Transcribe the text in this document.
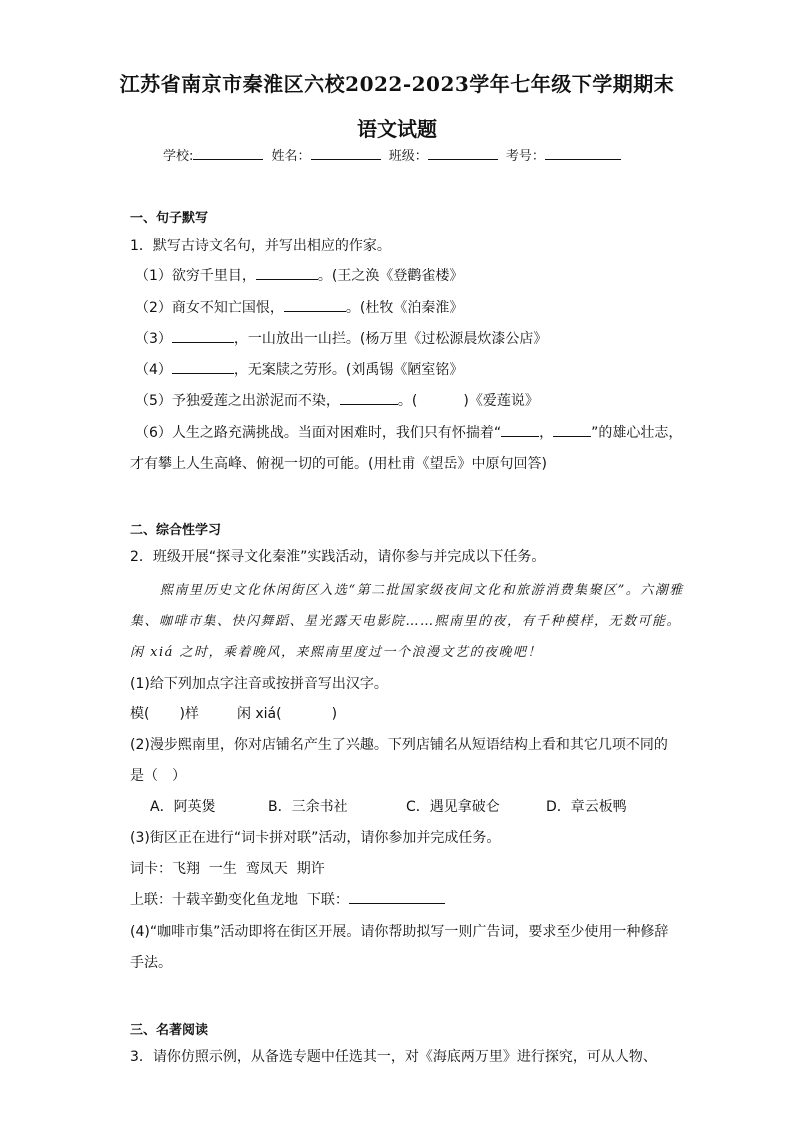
江苏省南京市秦淮区六校2022-2023学年七年级下学期期末
语文试题
学校:	姓名：	班级：	考号：
一、句子默写
1．默写古诗文名句，并写出相应的作家。
（1）欲穷千里目，	。(王之涣《登鹳雀楼》
（2）商女不知亡国恨，	。(杜牧《泊秦淮》
（3）	，一山放出一山拦。(杨万里《过松源晨炊漆公店》
（4）	，无案牍之劳形。(刘禹锡《陋室铭》
（5）予独爱莲之出淤泥而不染，	。(	)《爱莲说》
（6）人生之路充满挑战。当面对困难时，我们只有怀揣着“	，	”的雄心壮志，
才有攀上人生高峰、俯视一切的可能。(用杜甫《望岳》中原句回答)
二、综合性学习
2．班级开展“探寻文化秦淮”实践活动，请你参与并完成以下任务。
熙南里历史文化休闲街区入选“第二批国家级夜间文化和旅游消费集聚区”。六潮雅
集、咖啡市集、快闪舞蹈、星光露天电影院……熙南里的夜，有千种模样，无数可能。
闲 xiá 之时，乘着晚风，来熙南里度过一个浪漫文艺的夜晚吧！
(1)给下列加点字注音或按拼音写出汉字。
模( )样	闲 xiá(	)
(2)漫步熙南里，你对店铺名产生了兴趣。下列店铺名从短语结构上看和其它几项不同的
是（　）
A．阿英煲	B．三余书社	C．遇见拿破仑	D．章云板鸭
(3)街区正在进行“词卡拼对联”活动，请你参加并完成任务。
词卡：飞翔 一生 鸾凤天 期许
上联：十载辛勤变化鱼龙地 下联：
(4)“咖啡市集”活动即将在街区开展。请你帮助拟写一则广告词，要求至少使用一种修辞
手法。
三、名著阅读
3．请你仿照示例，从备选专题中任选其一，对《海底两万里》进行探究，可从人物、
